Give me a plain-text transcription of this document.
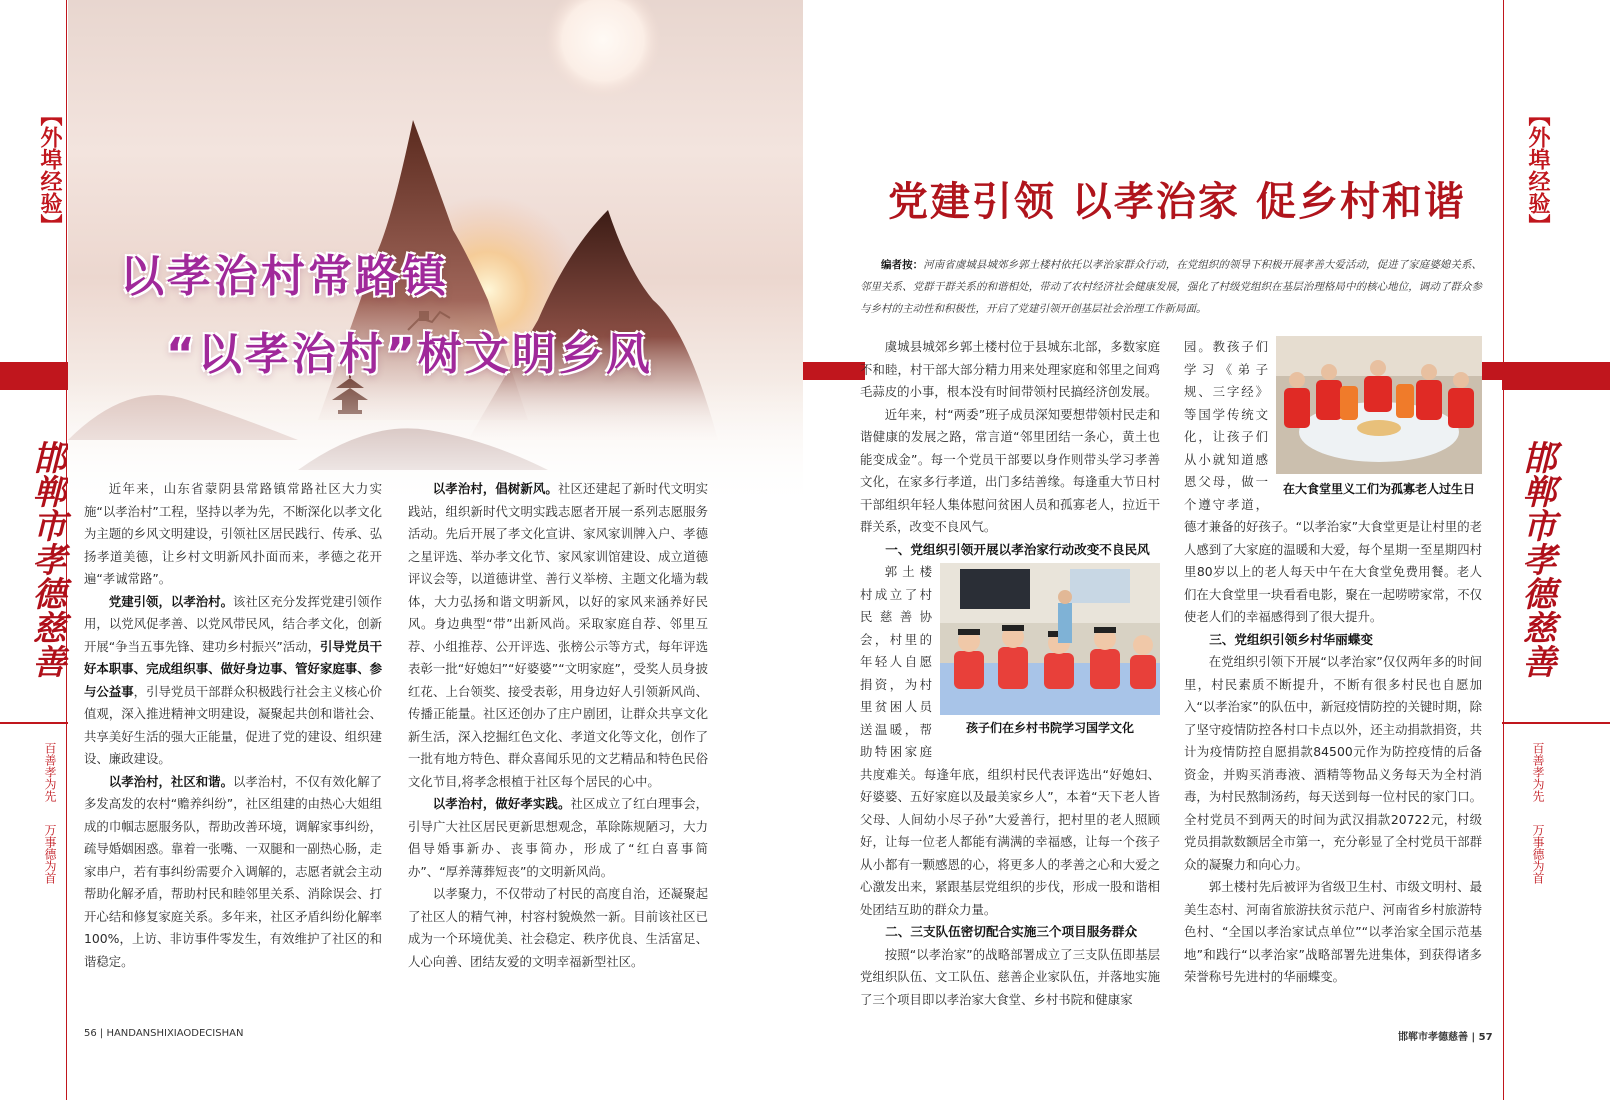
【外埠经验】
邯郸市孝德慈善
百善孝为先
万事德为首
【外埠经验】
邯郸市孝德慈善
百善孝为先
万事德为首
以孝治村常路镇
“以孝治村”树文明乡风

近年来，山东省蒙阴县常路镇常路社区大力实施“以孝治村”工程，坚持以孝为先，不断深化以孝文化为主题的乡风文明建设，引领社区居民践行、传承、弘扬孝道美德，让乡村文明新风扑面而来，孝德之花开遍“孝诚常路”。

党建引领，以孝治村。该社区充分发挥党建引领作用，以党风促孝善、以党风带民风，结合孝文化，创新开展“争当五事先锋、建功乡村振兴”活动，引导党员干好本职事、完成组织事、做好身边事、管好家庭事、参与公益事，引导党员干部群众积极践行社会主义核心价值观，深入推进精神文明建设，凝聚起共创和谐社会、共享美好生活的强大正能量，促进了党的建设、组织建设、廉政建设。

以孝治村，社区和谐。以孝治村，不仅有效化解了多发高发的农村“赡养纠纷”，社区组建的由热心大姐组成的巾帼志愿服务队，帮助改善环境，调解家事纠纷，疏导婚姻困惑。靠着一张嘴、一双腿和一副热心肠，走家串户，若有事纠纷需要介入调解的，志愿者就会主动帮助化解矛盾，帮助村民和睦邻里关系、消除误会、打开心结和修复家庭关系。多年来，社区矛盾纠纷化解率100%，上访、非访事件零发生，有效维护了社区的和谐稳定。

以孝治村，倡树新风。社区还建起了新时代文明实践站，组织新时代文明实践志愿者开展一系列志愿服务活动。先后开展了孝文化宣讲、家风家训牌入户、孝德之星评选、举办孝文化节、家风家训馆建设、成立道德评议会等，以道德讲堂、善行义举榜、主题文化墙为载体，大力弘扬和谐文明新风，以好的家风来涵养好民风。身边典型“带”出新风尚。采取家庭自荐、邻里互荐、小组推荐、公开评选、张榜公示等方式，每年评选表彰一批“好媳妇”“好婆婆”“文明家庭”，受奖人员身披红花、上台领奖、接受表彰，用身边好人引领新风尚、传播正能量。社区还创办了庄户剧团，让群众共享文化新生活，深入挖掘红色文化、孝道文化等文化，创作了一批有地方特色、群众喜闻乐见的文艺精品和特色民俗文化节目,将孝念根植于社区每个居民的心中。

以孝治村，做好孝实践。社区成立了红白理事会，引导广大社区居民更新思想观念，革除陈规陋习，大力倡导婚事新办、丧事简办，形成了“红白喜事简办”、“厚养薄葬短丧”的文明新风尚。

以孝聚力，不仅带动了村民的高度自治，还凝聚起了社区人的精气神，村容村貌焕然一新。目前该社区已成为一个环境优美、社会稳定、秩序优良、生活富足、人心向善、团结友爱的文明幸福新型社区。

56 | HANDANSHIXIAODECISHAN
党建引领 以孝治家 促乡村和谐
编者按：河南省虞城县城郊乡郭土楼村依托以孝治家群众行动，在党组织的领导下积极开展孝善大爱活动，促进了家庭婆媳关系、邻里关系、党群干群关系的和谐相处，带动了农村经济社会健康发展，强化了村级党组织在基层治理格局中的核心地位，调动了群众参与乡村的主动性和积极性，开启了党建引领开创基层社会治理工作新局面。

虞城县城郊乡郭土楼村位于县城东北部，多数家庭不和睦，村干部大部分精力用来处理家庭和邻里之间鸡毛蒜皮的小事，根本没有时间带领村民搞经济创发展。

近年来，村“两委”班子成员深知要想带领村民走和谐健康的发展之路，常言道“邻里团结一条心，黄土也能变成金”。每一个党员干部要以身作则带头学习孝善文化，在家多行孝道，出门多结善缘。每逢重大节日村干部组织年轻人集体慰问贫困人员和孤寡老人，拉近干群关系，改变不良风气。

一、党组织引领开展以孝治家行动改变不良民风
孩子们在乡村书院学习国学文化

郭土楼村成立了村民慈善协会，村里的年轻人自愿捐资，为村里贫困人员送温暖，帮助特困家庭共度难关。每逢年底，组织村民代表评选出“好媳妇、好婆婆、五好家庭以及最美家乡人”，本着“天下老人皆父母、人间幼小尽子孙”大爱善行，把村里的老人照顾好，让每一位老人都能有满满的幸福感，让每一个孩子从小都有一颗感恩的心，将更多人的孝善之心和大爱之心激发出来，紧跟基层党组织的步伐，形成一股和谐相处团结互助的群众力量。

二、三支队伍密切配合实施三个项目服务群众

按照“以孝治家”的战略部署成立了三支队伍即基层党组织队伍、文工队伍、慈善企业家队伍，并落地实施了三个项目即以孝治家大食堂、乡村书院和健康家

在大食堂里义工们为孤寡老人过生日

园。教孩子们学习《弟子规、三字经》等国学传统文化，让孩子们从小就知道感恩父母，做一个遵守孝道，德才兼备的好孩子。“以孝治家”大食堂更是让村里的老人感到了大家庭的温暖和大爱，每个星期一至星期四村里80岁以上的老人每天中午在大食堂免费用餐。老人们在大食堂里一块看看电影，聚在一起唠唠家常，不仅使老人们的幸福感得到了很大提升。

三、党组织引领乡村华丽蝶变

在党组织引领下开展“以孝治家”仅仅两年多的时间里，村民素质不断提升，不断有很多村民也自愿加入“以孝治家”的队伍中，新冠疫情防控的关键时期，除了坚守疫情防控各村口卡点以外，还主动捐款捐资，共计为疫情防控自愿捐款84500元作为防控疫情的后备资金，并购买消毒液、酒精等物品义务每天为全村消毒，为村民熬制汤药，每天送到每一位村民的家门口。全村党员不到两天的时间为武汉捐款20722元，村级党员捐款数额居全市第一，充分彰显了全村党员干部群众的凝聚力和向心力。

郭土楼村先后被评为省级卫生村、市级文明村、最美生态村、河南省旅游扶贫示范户、河南省乡村旅游特色村、“全国以孝治家试点单位”“以孝治家全国示范基地”和践行“以孝治家”战略部署先进集体，到获得诸多荣誉称号先进村的华丽蝶变。

邯郸市孝德慈善 | 57
